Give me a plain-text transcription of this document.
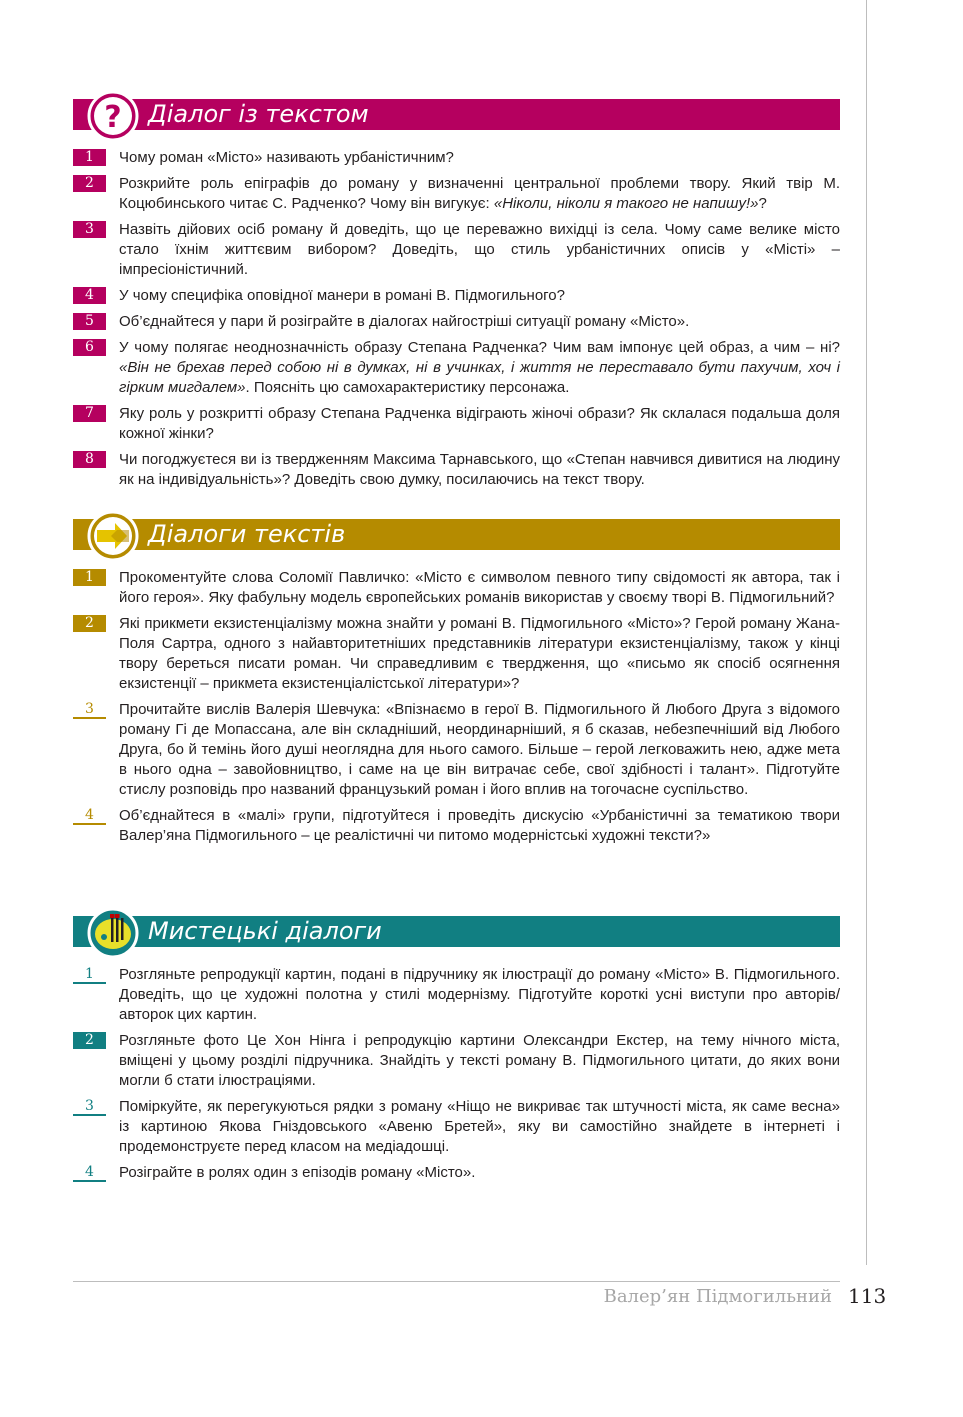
? Діалог із текстом
1	Чому роман «Місто» називають урбаністичним?
2	Розкрийте роль епіграфів до роману у визначенні центральної проблеми твору. Який твір М. Коцюбинського читає С. Радченко? Чому він вигукує: «Ніколи, ніколи я такого не напишу!»?
3	Назвіть дійових осіб роману й доведіть, що це переважно вихідці із села. Чому саме велике місто стало їхнім життєвим вибором? Доведіть, що стиль урбаністичних описів у «Місті» – імпресіоністичний.
4	У чому специфіка оповідної манери в романі В. Підмогильного?
5	Об’єднайтеся у пари й розіграйте в діалогах найгостріші ситуації роману «Місто».
6	У чому полягає неоднозначність образу Степана Радченка? Чим вам імпонує цей образ, а чим – ні? «Він не брехав перед собою ні в думках, ні в учинках, і життя не переставало бути пахучим, хоч і гірким мигдалем». Поясніть цю самохарактеристику персонажа.
7	Яку роль у розкритті образу Степана Радченка відіграють жіночі образи? Як склалася подальша доля кожної жінки?
8	Чи погоджуєтеся ви із твердженням Максима Тарнавського, що «Степан навчився дивитися на людину як на індивідуальність»? Доведіть свою думку, посилаючись на текст твору.
Діалоги текстів
1	Прокоментуйте слова Соломії Павличко: «Місто є символом певного типу свідомості як автора, так і його героя». Яку фабульну модель європейських романів використав у своєму творі В. Підмогильний?
2	Які прикмети екзистенціалізму можна знайти у романі В. Підмогильного «Місто»? Герой роману Жана-Поля Сартра, одного з найавторитетніших представників літератури екзистенціалізму, також у кінці твору береться писати роман. Чи справедливим є твердження, що «письмо як спосіб осягнення екзистенції – прикмета екзистенціалістської літератури»?
3	Прочитайте вислів Валерія Шевчука: «Впізнаємо в герої В. Підмогильного й Любого Друга з відомого роману Гі де Мопассана, але він складніший, неординарніший, я б сказав, небезпечніший від Любого Друга, бо й темінь його душі неоглядна для нього самого. Більше – герой легковажить нею, адже мета в нього одна – завойовництво, і саме на це він витрачає себе, свої здібності і талант». Підготуйте стислу розповідь про названий французький роман і його вплив на тогочасне суспільство.
4	Об’єднайтеся в «малі» групи, підготуйтеся і проведіть дискусію «Урбаністичні за тематикою твори Валер’яна Підмогильного – це реалістичні чи питомо модерністські художні тексти?»
Мистецькі діалоги
1	Розгляньте репродукції картин, подані в підручнику як ілюстрації до роману «Місто» В. Підмогильного. Доведіть, що це художні полотна у стилі модернізму. Підготуйте короткі усні виступи про авторів/авторок цих картин.
2	Розгляньте фото Це Хон Нінга і репродукцію картини Олександри Екстер, на тему нічного міста, вміщені у цьому розділі підручника. Знайдіть у тексті роману В. Підмогильного цитати, до яких вони могли б стати ілюстраціями.
3	Поміркуйте, як перегукуються рядки з роману «Ніщо не викриває так штучності міста, як саме весна» із картиною Якова Гніздовського «Авеню Бретей», яку ви самостійно знайдете в інтернеті і продемонструєте перед класом на медіадошці.
4	Розіграйте в ролях один з епізодів роману «Місто».
Валер’ян Підмогильний 113
